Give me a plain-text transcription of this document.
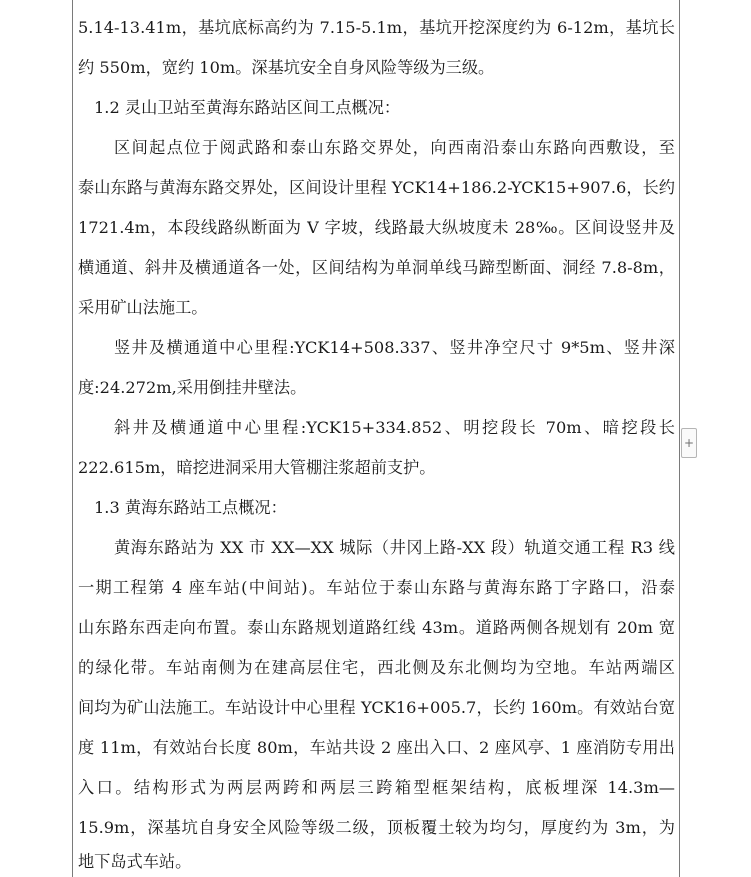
5.14-13.41m，基坑底标高约为 7.15-5.1m，基坑开挖深度约为 6-12m，基坑长
约 550m，宽约 10m。深基坑安全自身风险等级为三级。
1.2 灵山卫站至黄海东路站区间工点概况：
区间起点位于阅武路和泰山东路交界处，向西南沿泰山东路向西敷设，至
泰山东路与黄海东路交界处，区间设计里程 YCK14+186.2-YCK15+907.6，长约
1721.4m，本段线路纵断面为 V 字坡，线路最大纵坡度未 28‰。区间设竖井及
横通道、斜井及横通道各一处，区间结构为单洞单线马蹄型断面、洞经 7.8-8m，
采用矿山法施工。
竖井及横通道中心里程:YCK14+508.337、竖井净空尺寸 9*5m、竖井深
度:24.272m,采用倒挂井壁法。
斜井及横通道中心里程:YCK15+334.852、明挖段长 70m、暗挖段长
222.615m，暗挖进洞采用大管棚注浆超前支护。
1.3 黄海东路站工点概况：
黄海东路站为 XX 市 XX—XX 城际（井冈上路-XX 段）轨道交通工程 R3 线
一期工程第 4 座车站(中间站)。车站位于泰山东路与黄海东路丁字路口，沿泰
山东路东西走向布置。泰山东路规划道路红线 43m。道路两侧各规划有 20m 宽
的绿化带。车站南侧为在建高层住宅，西北侧及东北侧均为空地。车站两端区
间均为矿山法施工。车站设计中心里程 YCK16+005.7，长约 160m。有效站台宽
度 11m，有效站台长度 80m，车站共设 2 座出入口、2 座风亭、1 座消防专用出
入口。结构形式为两层两跨和两层三跨箱型框架结构，底板埋深 14.3m—
15.9m，深基坑自身安全风险等级二级，顶板覆土较为均匀，厚度约为 3m，为
地下岛式车站。
+
